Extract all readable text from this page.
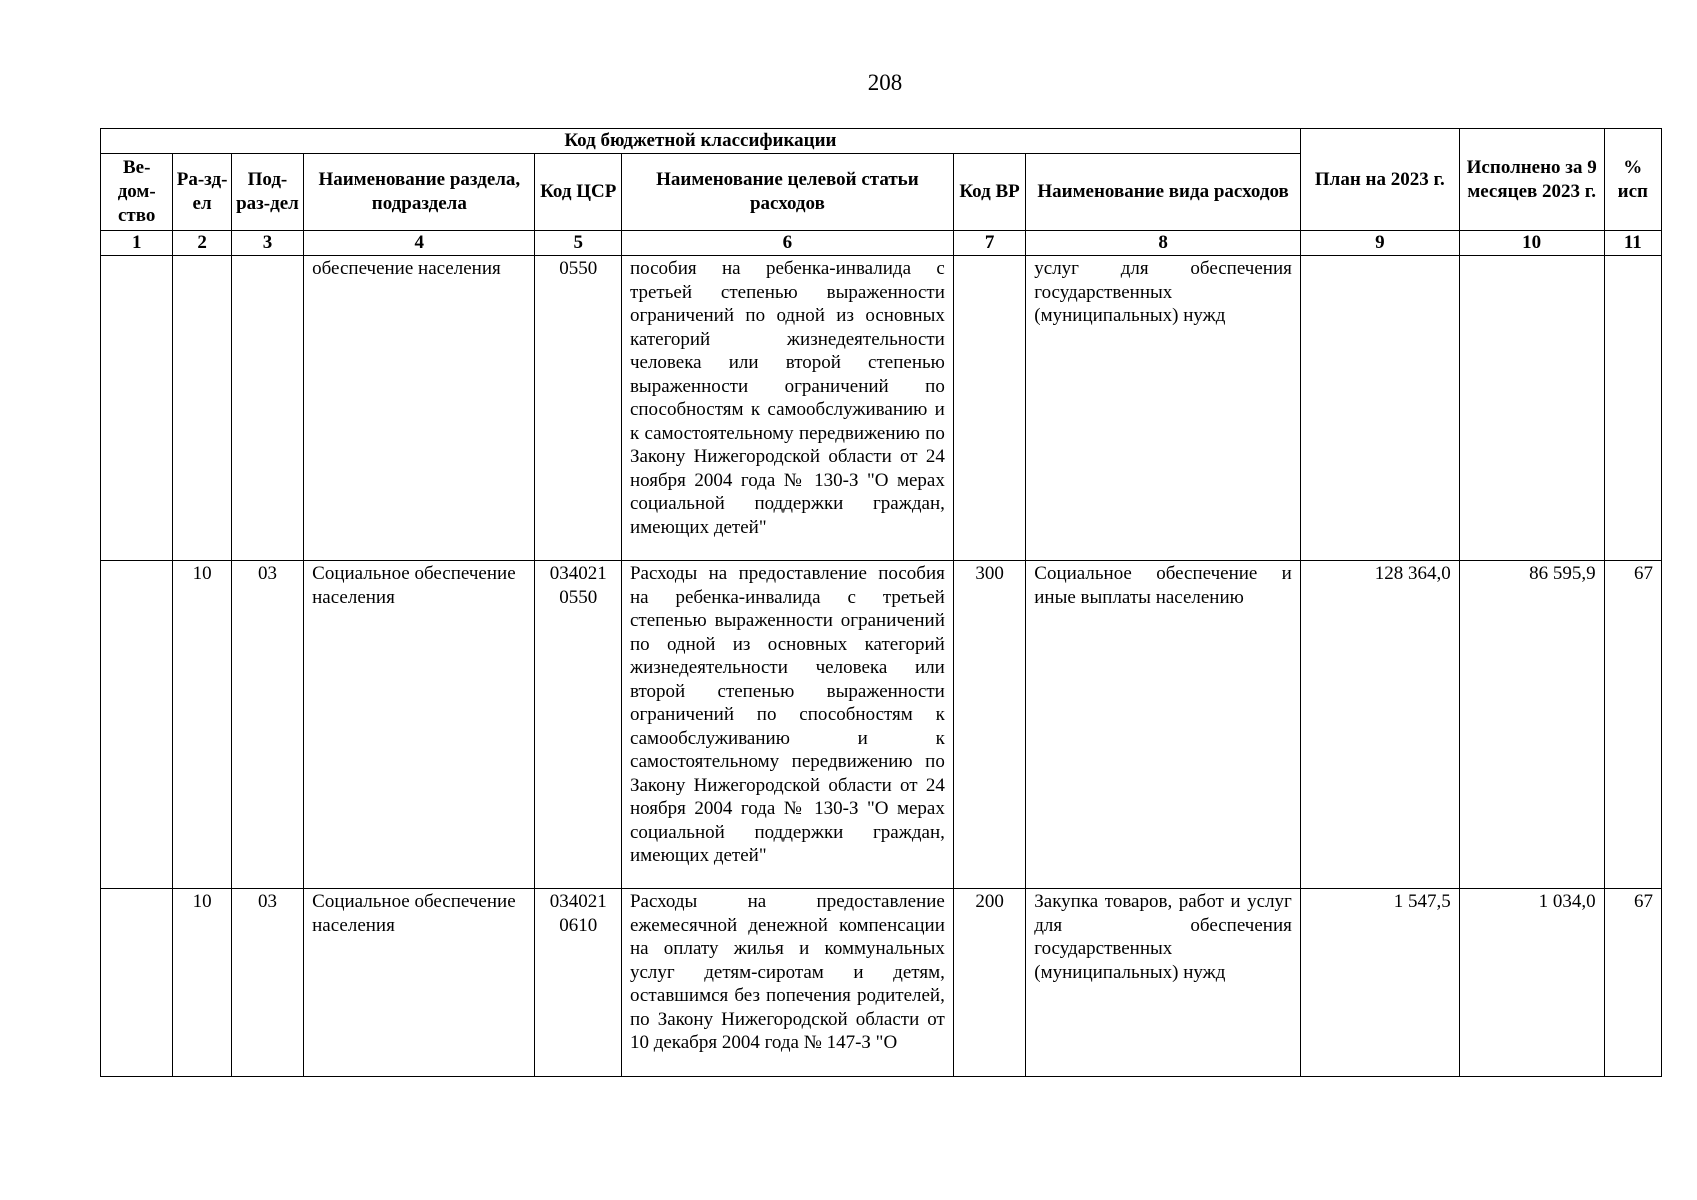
208
Код бюджетной классификации								План на 2023 г.	Исполнено за 9 месяцев 2023 г.	% исп
Ве-дом-ство	Ра-зд-ел	Под-раз-дел	Наименование раздела, подраздела	Код ЦСР	Наименование целевой статьи расходов	Код ВР	Наименование вида расходов			
1	2	3	4	5	6	7	8	9	10	11
			обеспечение населения	0550	пособия на ребенка-инвалида с третьей степенью выраженности ограничений по одной из основных категорий жизнедеятельности человека или второй степенью выраженности ограничений по способностям к самообслуживанию и к самостоятельному передвижению по Закону Нижегородской области от 24 ноября 2004 года № 130-З "О мерах социальной поддержки граждан, имеющих детей"		услуг для обеспечения государственных (муниципальных) нужд			
	10	03	Социальное обеспечение населения	034021 0550	Расходы на предоставление пособия на ребенка-инвалида с третьей степенью выраженности ограничений по одной из основных категорий жизнедеятельности человека или второй степенью выраженности ограничений по способностям к самообслуживанию и к самостоятельному передвижению по Закону Нижегородской области от 24 ноября 2004 года № 130-З "О мерах социальной поддержки граждан, имеющих детей"	300	Социальное обеспечение и иные выплаты населению	128 364,0	86 595,9	67
	10	03	Социальное обеспечение населения	034021 0610	Расходы на предоставление ежемесячной денежной компенсации на оплату жилья и коммунальных услуг детям-сиротам и детям, оставшимся без попечения родителей, по Закону Нижегородской области от 10 декабря 2004 года № 147-З "О	200	Закупка товаров, работ и услуг для обеспечения государственных (муниципальных) нужд	1 547,5	1 034,0	67
